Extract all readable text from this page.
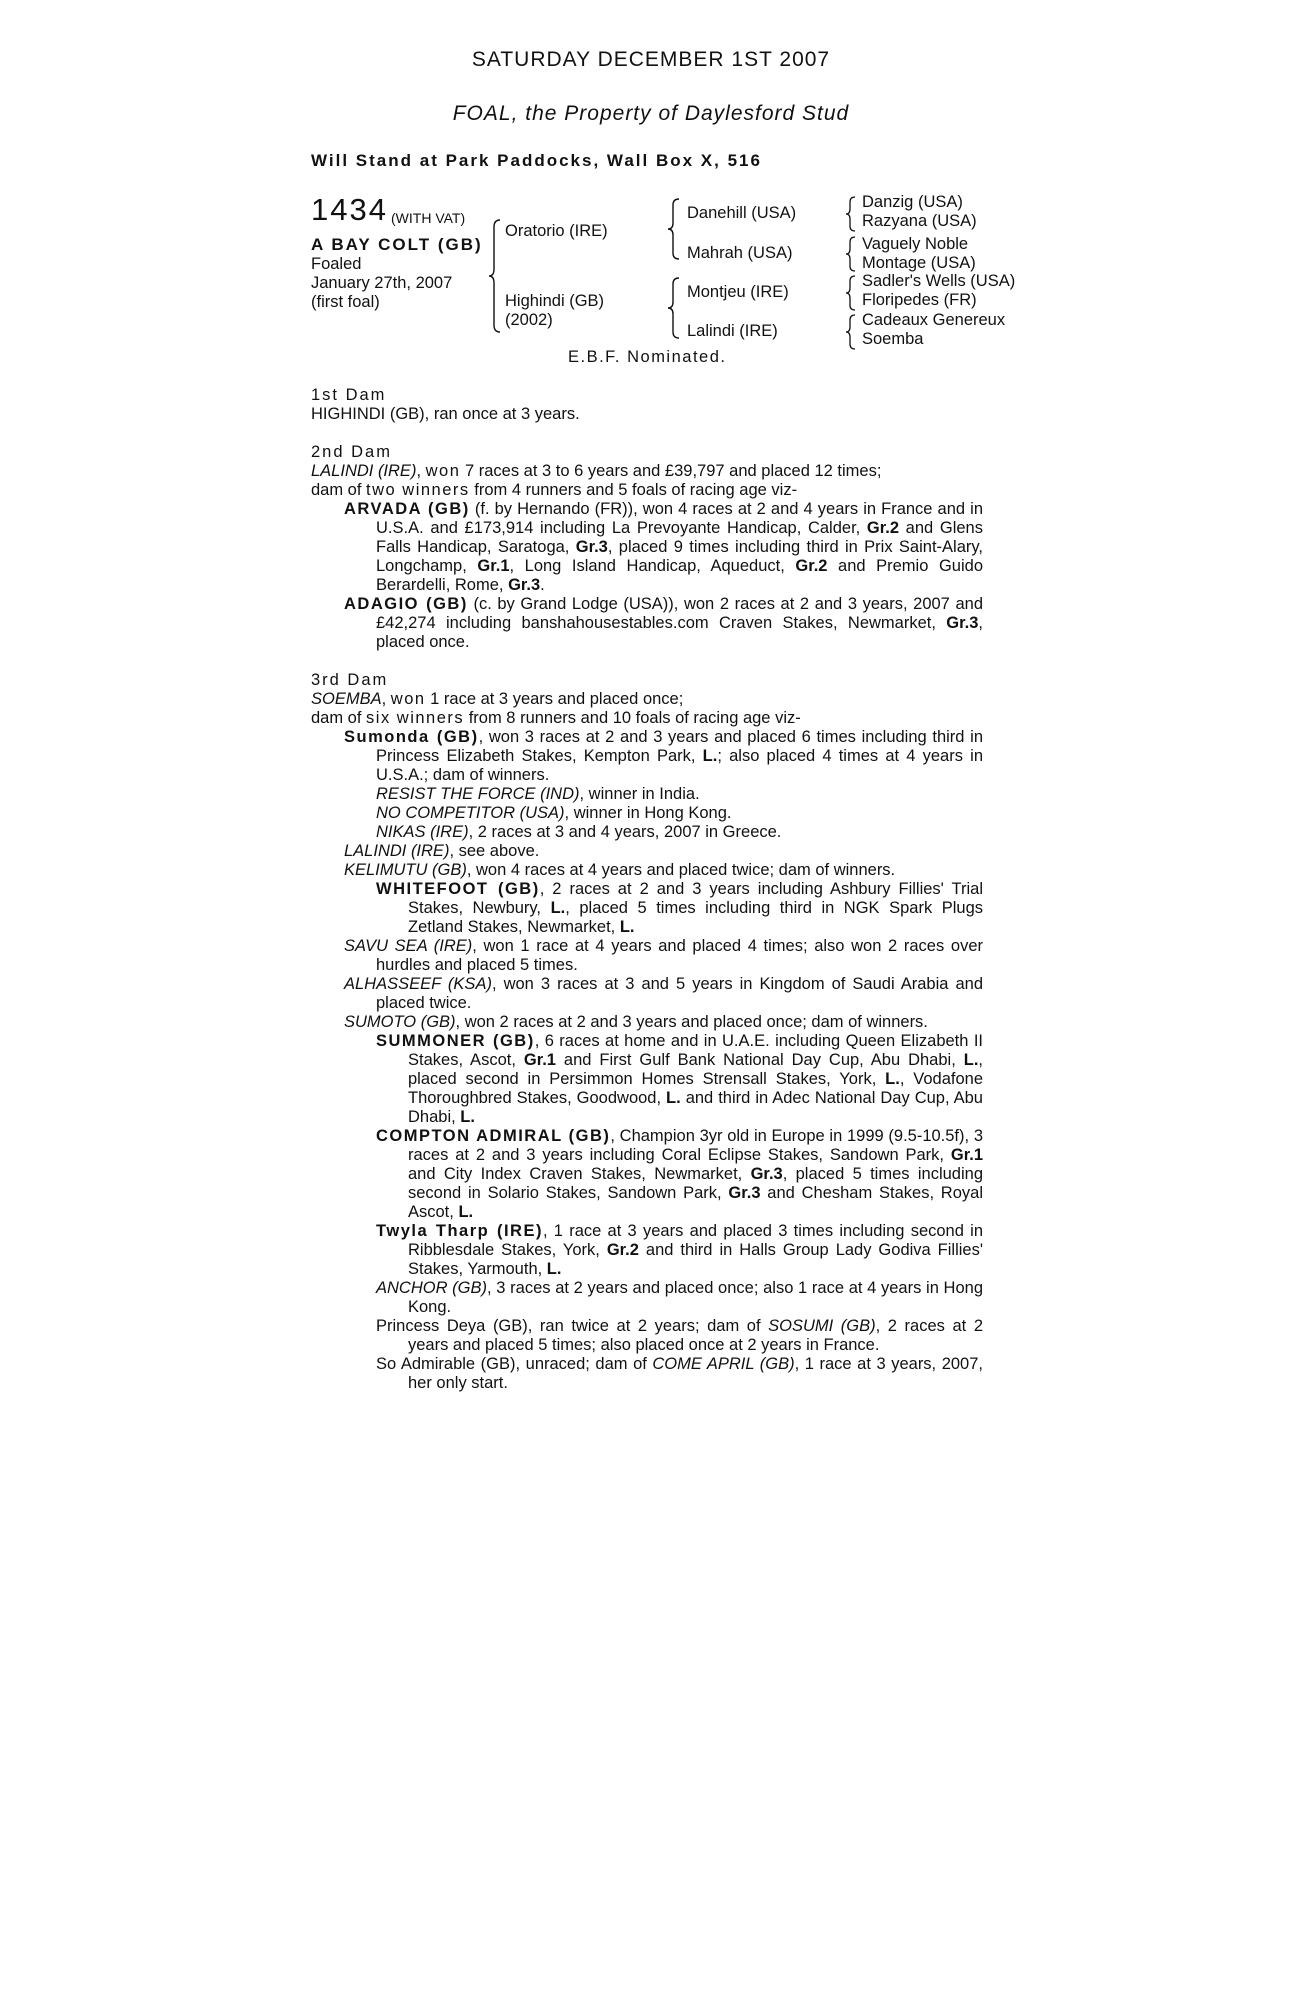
SATURDAY DECEMBER 1ST 2007
FOAL, the Property of Daylesford Stud
Will Stand at Park Paddocks, Wall Box X, 516
1434 (WITH VAT)
A BAY COLT (GB)
Foaled
January 27th, 2007
(first foal)
Oratorio (IRE)
Highindi (GB)
(2002)
Danehill (USA)
Mahrah (USA)
Montjeu (IRE)
Lalindi (IRE)
Danzig (USA)
Razyana (USA)
Vaguely Noble
Montage (USA)
Sadler's Wells (USA)
Floripedes (FR)
Cadeaux Genereux
Soemba
E.B.F. Nominated.
1st Dam
HIGHINDI (GB), ran once at 3 years.
2nd Dam
LALINDI (IRE), won 7 races at 3 to 6 years and £39,797 and placed 12 times;
dam of two winners from 4 runners and 5 foals of racing age viz-
ARVADA (GB) (f. by Hernando (FR)), won 4 races at 2 and 4 years in France and in U.S.A. and £173,914 including La Prevoyante Handicap, Calder, Gr.2 and Glens Falls Handicap, Saratoga, Gr.3, placed 9 times including third in Prix Saint-Alary, Longchamp, Gr.1, Long Island Handicap, Aqueduct, Gr.2 and Premio Guido Berardelli, Rome, Gr.3.
ADAGIO (GB) (c. by Grand Lodge (USA)), won 2 races at 2 and 3 years, 2007 and £42,274 including banshahousestables.com Craven Stakes, Newmarket, Gr.3, placed once.
3rd Dam
SOEMBA, won 1 race at 3 years and placed once;
dam of six winners from 8 runners and 10 foals of racing age viz-
Sumonda (GB), won 3 races at 2 and 3 years and placed 6 times including third in Princess Elizabeth Stakes, Kempton Park, L.; also placed 4 times at 4 years in U.S.A.; dam of winners.
RESIST THE FORCE (IND), winner in India.
NO COMPETITOR (USA), winner in Hong Kong.
NIKAS (IRE), 2 races at 3 and 4 years, 2007 in Greece.
LALINDI (IRE), see above.
KELIMUTU (GB), won 4 races at 4 years and placed twice; dam of winners.
WHITEFOOT (GB), 2 races at 2 and 3 years including Ashbury Fillies' Trial Stakes, Newbury, L., placed 5 times including third in NGK Spark Plugs Zetland Stakes, Newmarket, L.
SAVU SEA (IRE), won 1 race at 4 years and placed 4 times; also won 2 races over hurdles and placed 5 times.
ALHASSEEF (KSA), won 3 races at 3 and 5 years in Kingdom of Saudi Arabia and placed twice.
SUMOTO (GB), won 2 races at 2 and 3 years and placed once; dam of winners.
SUMMONER (GB), 6 races at home and in U.A.E. including Queen Elizabeth II Stakes, Ascot, Gr.1 and First Gulf Bank National Day Cup, Abu Dhabi, L., placed second in Persimmon Homes Strensall Stakes, York, L., Vodafone Thoroughbred Stakes, Goodwood, L. and third in Adec National Day Cup, Abu Dhabi, L.
COMPTON ADMIRAL (GB), Champion 3yr old in Europe in 1999 (9.5-10.5f), 3 races at 2 and 3 years including Coral Eclipse Stakes, Sandown Park, Gr.1 and City Index Craven Stakes, Newmarket, Gr.3, placed 5 times including second in Solario Stakes, Sandown Park, Gr.3 and Chesham Stakes, Royal Ascot, L.
Twyla Tharp (IRE), 1 race at 3 years and placed 3 times including second in Ribblesdale Stakes, York, Gr.2 and third in Halls Group Lady Godiva Fillies' Stakes, Yarmouth, L.
ANCHOR (GB), 3 races at 2 years and placed once; also 1 race at 4 years in Hong Kong.
Princess Deya (GB), ran twice at 2 years; dam of SOSUMI (GB), 2 races at 2 years and placed 5 times; also placed once at 2 years in France.
So Admirable (GB), unraced; dam of COME APRIL (GB), 1 race at 3 years, 2007, her only start.
